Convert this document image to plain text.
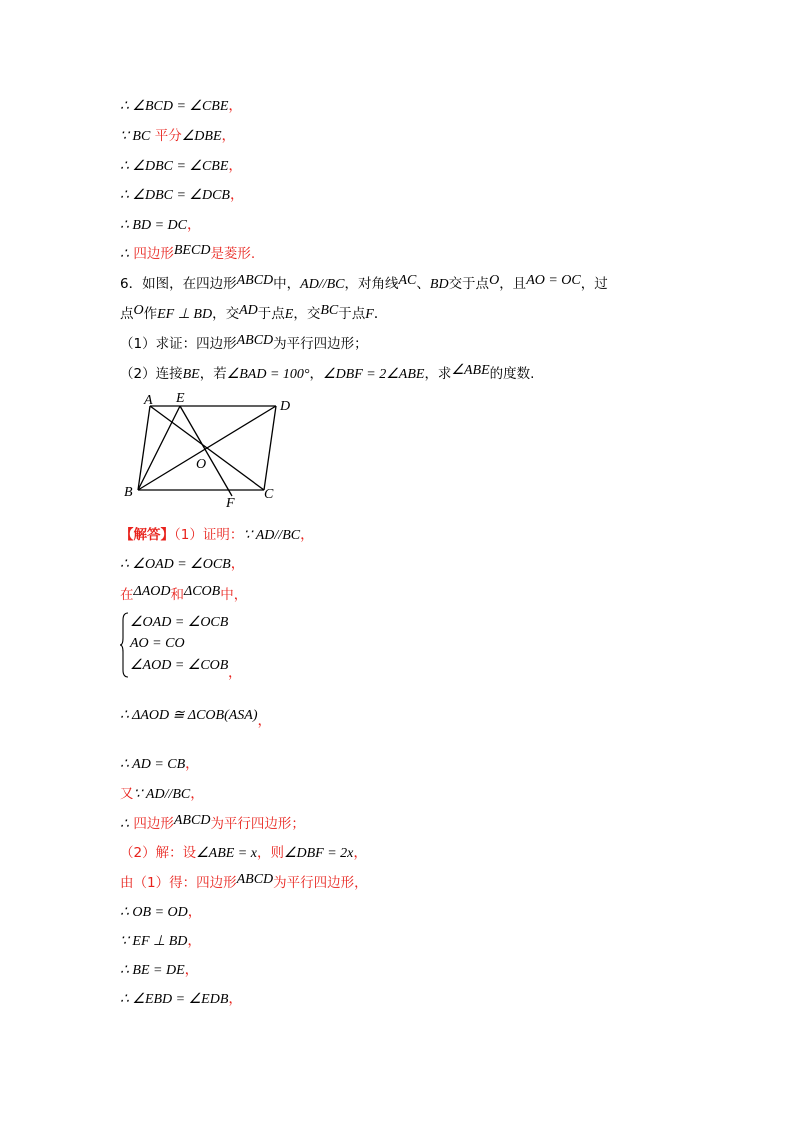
∴ ∠BCD = ∠CBE，
∵ BC 平分∠DBE，
∴ ∠DBC = ∠CBE，
∴ ∠DBC = ∠DCB，
∴ BD = DC，
∴ 四边形BECD是菱形.
6．如图，在四边形ABCD中，AD//BC，对角线AC、BD交于点O，且AO = OC，过
点O作EF ⊥ BD，交AD于点E，交BC于点F.
（1）求证：四边形ABCD为平行四边形；
（2）连接BE，若∠BAD = 100°，∠DBF = 2∠ABE，求∠ABE的度数.
A E
D
O
B
F
C
【解答】（1）证明：∵ AD//BC，
∴ ∠OAD = ∠OCB，
在ΔAOD和ΔCOB中，
∠OAD = ∠OCB
AO = CO
∠AOD = ∠COB ，
∴ ΔAOD ≅ ΔCOB(ASA)，
∴ AD = CB，
又∵ AD//BC，
∴ 四边形ABCD为平行四边形；
（2）解：设∠ABE = x，则∠DBF = 2x，
由（1）得：四边形ABCD为平行四边形，
∴ OB = OD，
∵ EF ⊥ BD，
∴ BE = DE，
∴ ∠EBD = ∠EDB，
